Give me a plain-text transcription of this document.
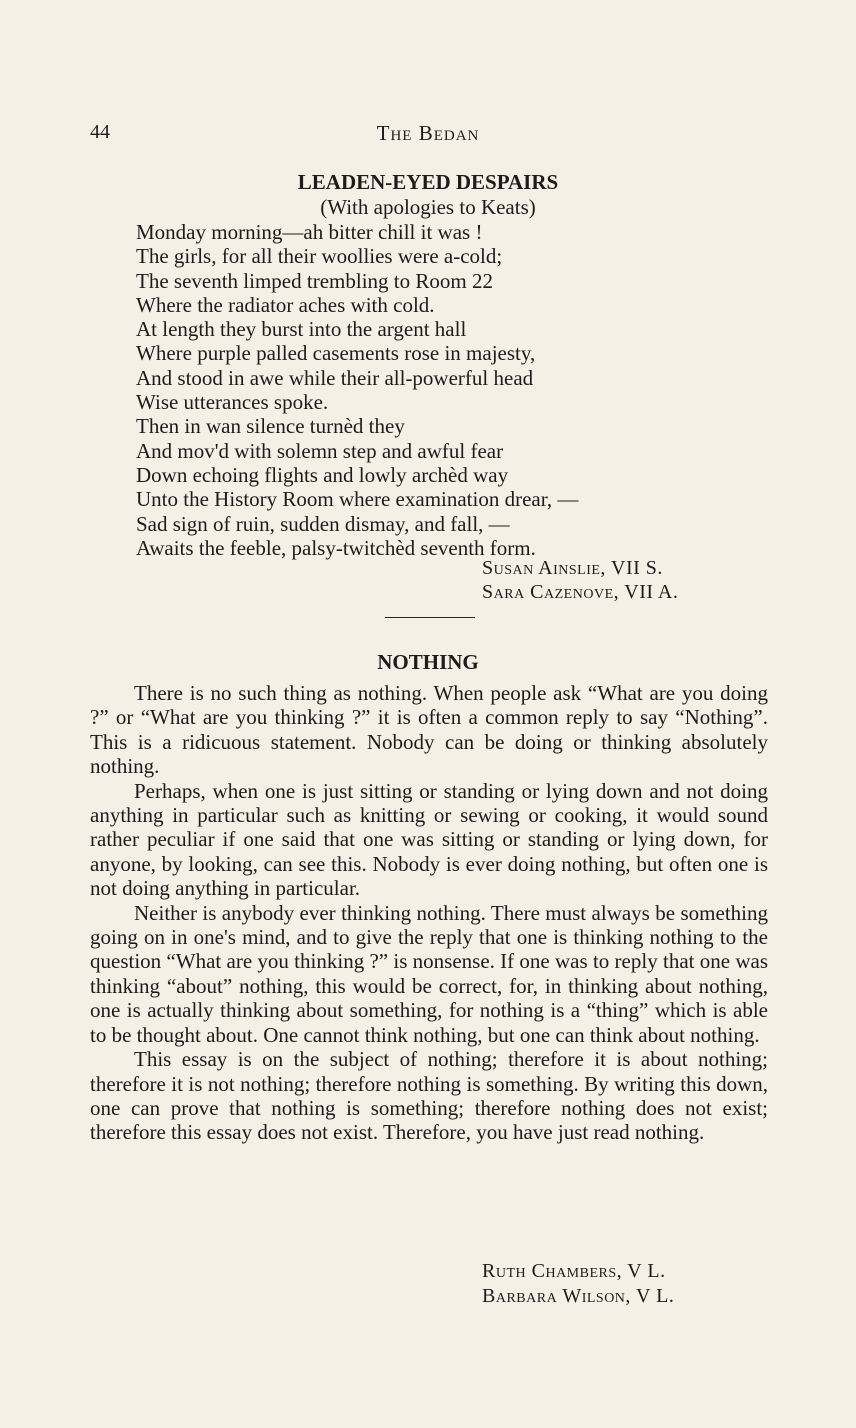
44	The Bedan
LEADEN-EYED DESPAIRS
(With apologies to Keats)
Monday morning—ah bitter chill it was !
The girls, for all their woollies were a-cold;
The seventh limped trembling to Room 22
Where the radiator aches with cold.
At length they burst into the argent hall
Where purple palled casements rose in majesty,
And stood in awe while their all-powerful head
Wise utterances spoke.
Then in wan silence turnèd they
And mov'd with solemn step and awful fear
Down echoing flights and lowly archèd way
Unto the History Room where examination drear, —
Sad sign of ruin, sudden dismay, and fall, —
Awaits the feeble, palsy-twitchèd seventh form.
Susan Ainslie, VII S.
Sara Cazenove, VII A.
NOTHING

There is no such thing as nothing. When people ask “What are you doing ?” or “What are you thinking ?” it is often a common reply to say “Nothing”. This is a ridicuous statement. Nobody can be doing or thinking absolutely nothing.

Perhaps, when one is just sitting or standing or lying down and not doing anything in particular such as knitting or sewing or cooking, it would sound rather peculiar if one said that one was sitting or standing or lying down, for anyone, by looking, can see this. Nobody is ever doing nothing, but often one is not doing anything in particular.

Neither is anybody ever thinking nothing. There must always be something going on in one's mind, and to give the reply that one is thinking nothing to the question “What are you thinking ?” is nonsense. If one was to reply that one was thinking “about” nothing, this would be correct, for, in thinking about nothing, one is actually thinking about something, for nothing is a “thing” which is able to be thought about. One cannot think nothing, but one can think about nothing.

This essay is on the subject of nothing; therefore it is about nothing; therefore it is not nothing; therefore nothing is something. By writing this down, one can prove that nothing is something; therefore nothing does not exist; therefore this essay does not exist. Therefore, you have just read nothing.

Ruth Chambers, V L.
Barbara Wilson, V L.
